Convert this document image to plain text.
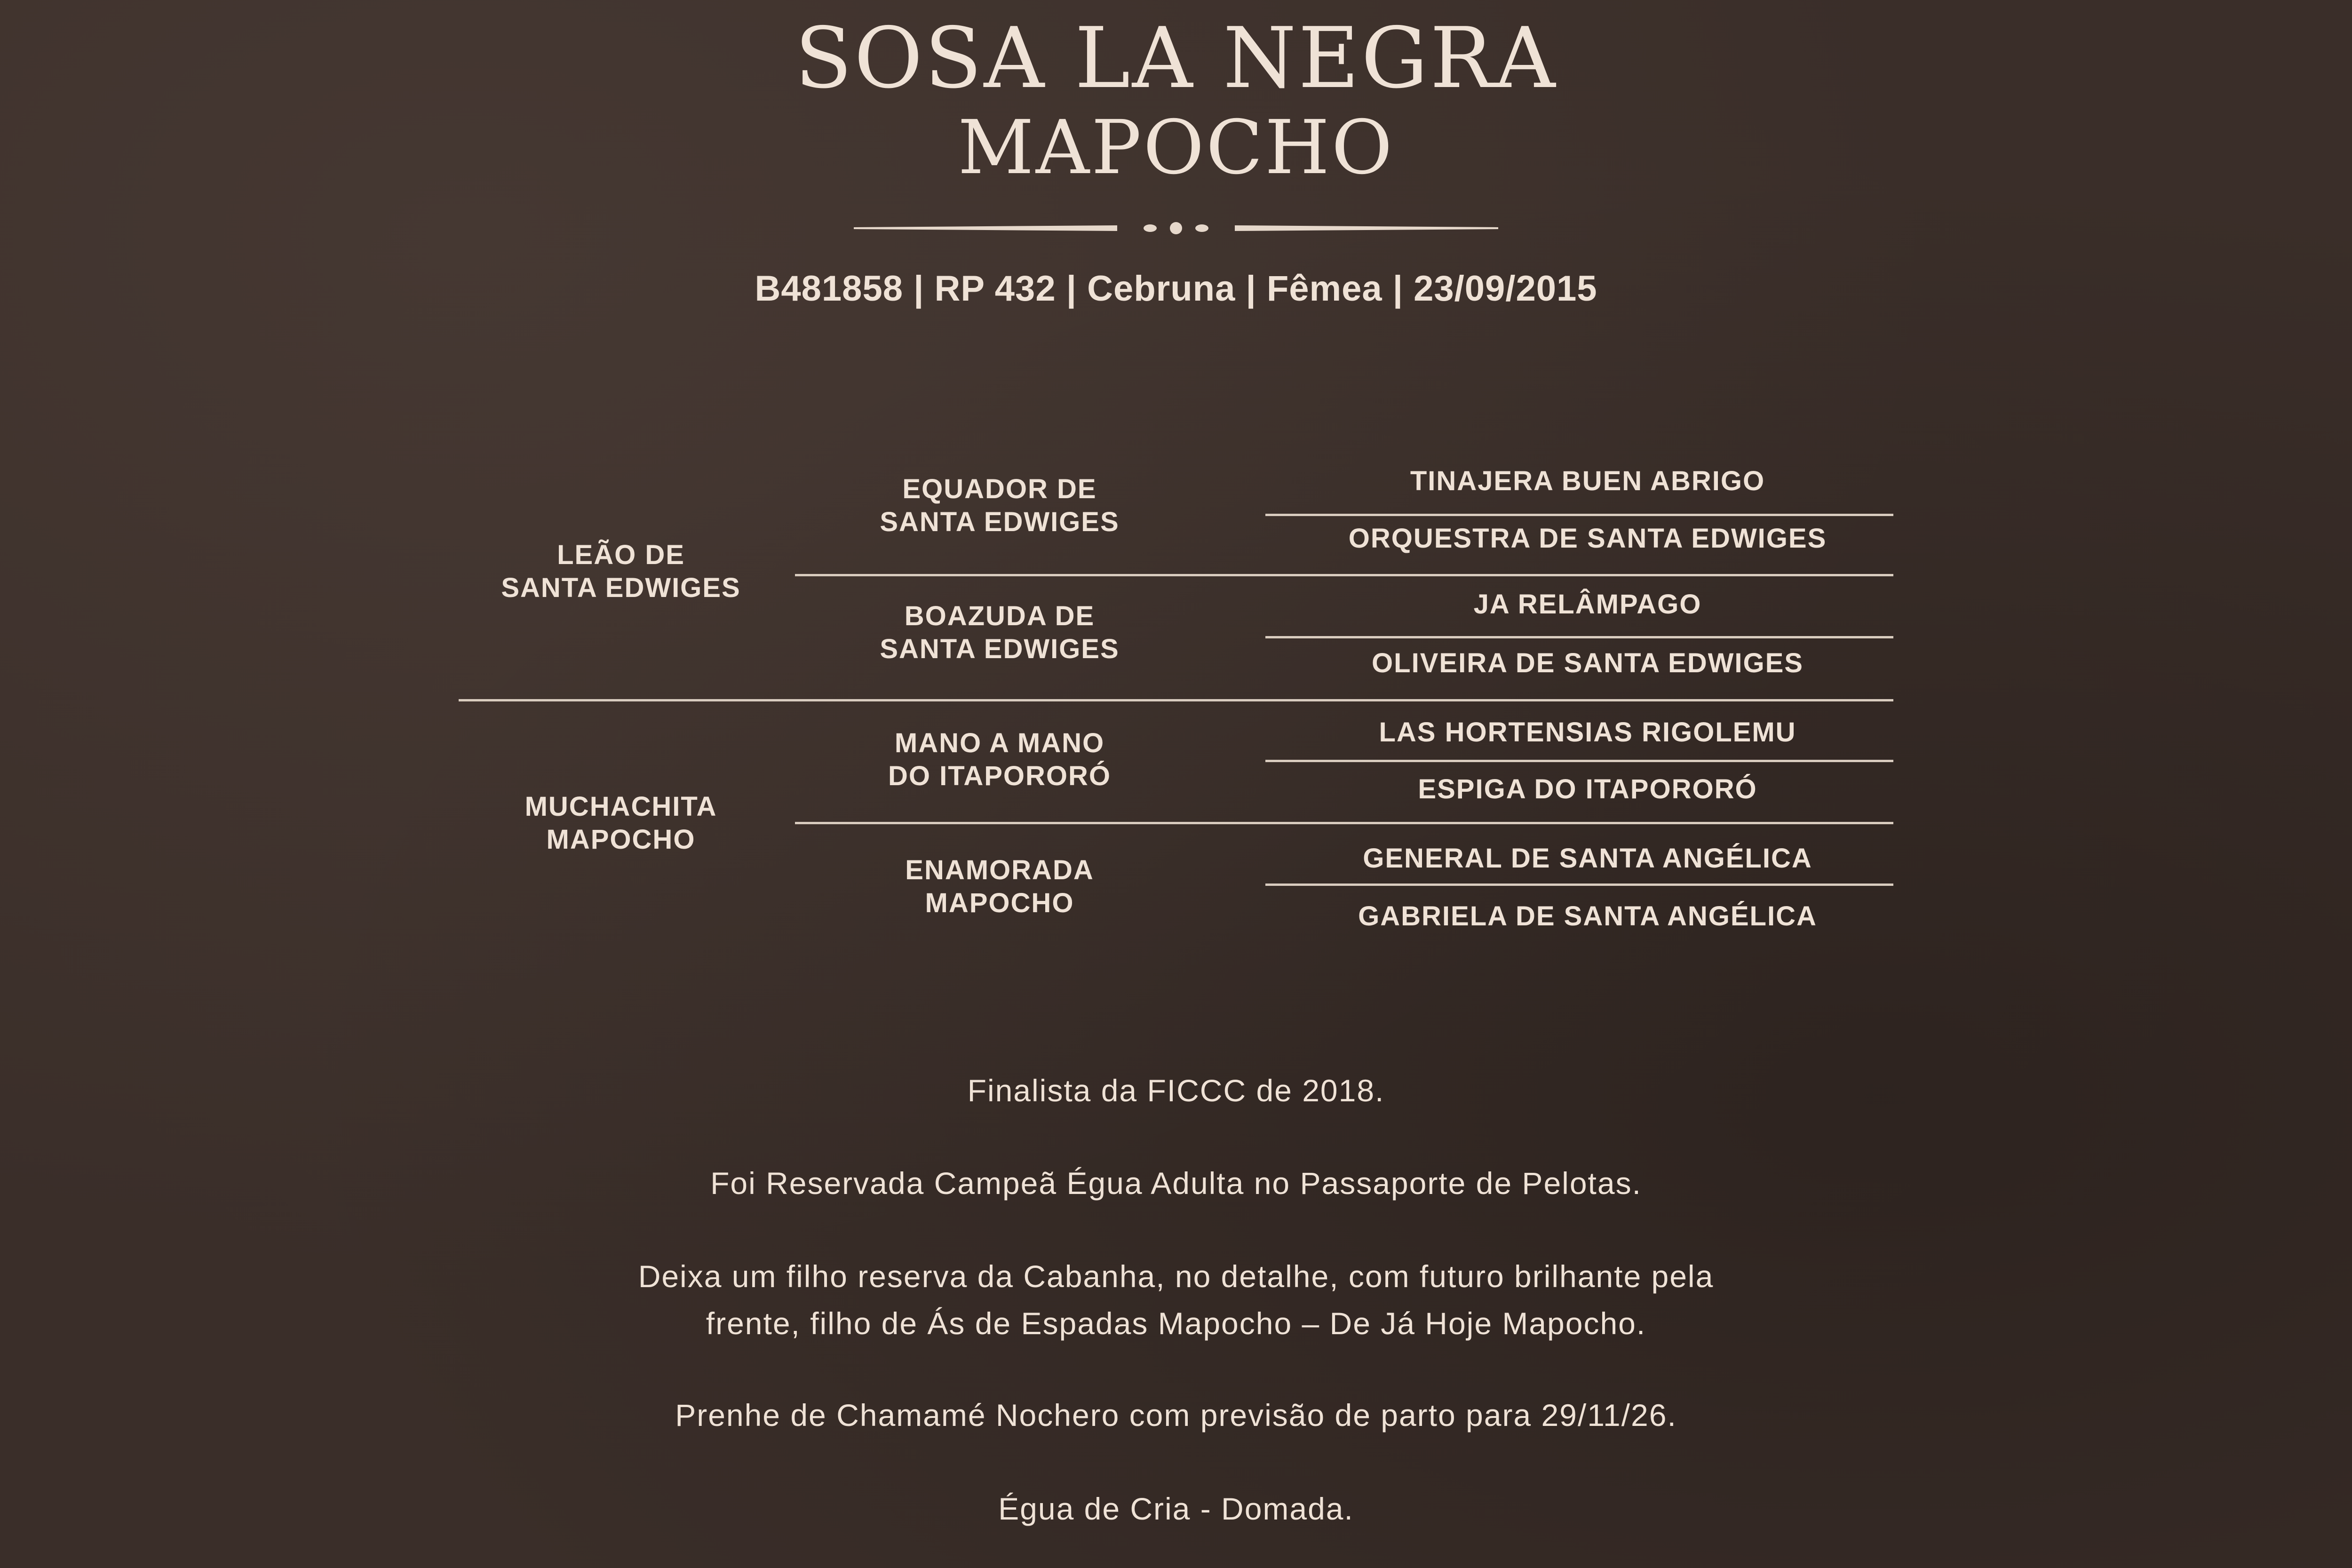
SOSA LA NEGRA
MAPOCHO
B481858 | RP 432 | Cebruna | Fêmea | 23/09/2015
LEÃO DE
SANTA EDWIGES
MUCHACHITA
MAPOCHO
EQUADOR DE
SANTA EDWIGES
BOAZUDA DE
SANTA EDWIGES
MANO A MANO
DO ITAPORORÓ
ENAMORADA
MAPOCHO
TINAJERA BUEN ABRIGO
ORQUESTRA DE SANTA EDWIGES
JA RELÂMPAGO
OLIVEIRA DE SANTA EDWIGES
LAS HORTENSIAS RIGOLEMU
ESPIGA DO ITAPORORÓ
GENERAL DE SANTA ANGÉLICA
GABRIELA DE SANTA ANGÉLICA
Finalista da FICCC de 2018.
Foi Reservada Campeã Égua Adulta no Passaporte de Pelotas.
Deixa um filho reserva da Cabanha, no detalhe, com futuro brilhante pela
frente, filho de Ás de Espadas Mapocho – De Já Hoje Mapocho.
Prenhe de Chamamé Nochero com previsão de parto para 29/11/26.
Égua de Cria - Domada.
